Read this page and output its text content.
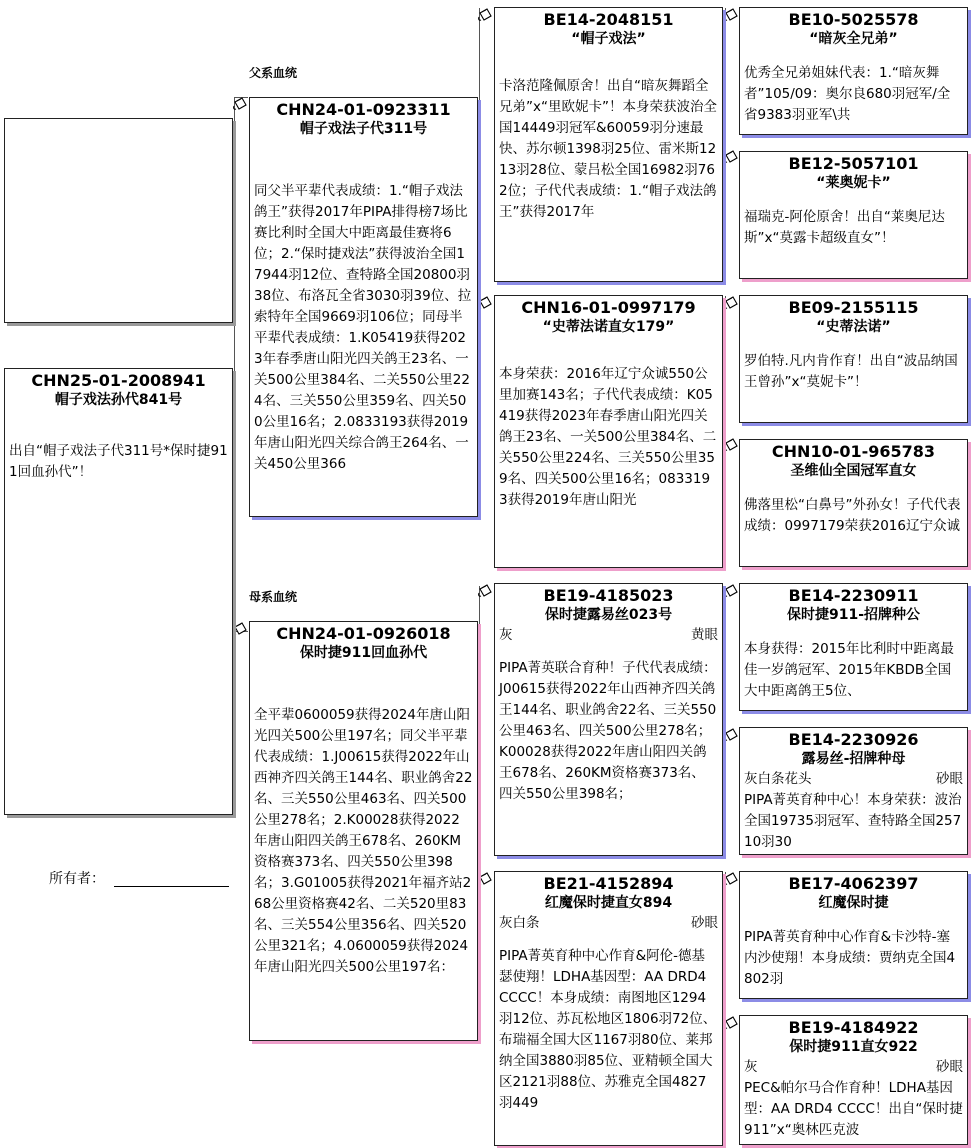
CHN25-01-2008941
帽子戏法孙代841号
出自“帽子戏法子代311号*保时捷911回血孙代”！
所有者：
父系血统
母系血统
CHN24-01-0923311
帽子戏法子代311号
同父半平辈代表成绩：1.“帽子戏法鸽王”获得2017年PIPA排得榜7场比赛比利时全国大中距离最佳赛将6位；2.“保时捷戏法”获得波治全国17944羽12位、查特路全国20800羽38位、布洛瓦全省3030羽39位、拉索特年全国9669羽106位；同母半平辈代表成绩：1.K05419获得2023年春季唐山阳光四关鸽王23名、一关500公里384名、二关550公里224名、三关550公里359名、四关500公里16名；2.0833193获得2019年唐山阳光四关综合鸽王264名、一关450公里366
CHN24-01-0926018
保时捷911回血孙代
全平辈0600059获得2024年唐山阳光四关500公里197名；同父半平辈代表成绩：1.J00615获得2022年山西神齐四关鸽王144名、职业鸽舍22名、三关550公里463名、四关500公里278名；2.K00028获得2022年唐山阳四关鸽王678名、260KM资格赛373名、四关550公里398名；3.G01005获得2021年福齐站268公里资格赛42名、二关520里83名、三关554公里356名、四关520公里321名；4.0600059获得2024年唐山阳光四关500公里197名：
BE14-2048151
“帽子戏法”
卡洛范隆佩原舍！出自“暗灰舞蹈全兄弟”x“里欧妮卡”！本身荣获波治全国14449羽冠军&60059羽分速最快、苏尔顿1398羽25位、雷米斯1213羽28位、蒙吕松全国16982羽762位；子代代表成绩：1.“帽子戏法鸽王”获得2017年
CHN16-01-0997179
“史蒂法诺直女179”
本身荣获：2016年辽宁众诚550公里加赛143名；子代代表成绩：K05419获得2023年春季唐山阳光四关鸽王23名、一关500公里384名、二关550公里224名、三关550公里359名、四关500公里16名；0833193获得2019年唐山阳光
BE19-4185023
保时捷露易丝023号
灰	黄眼
PIPA菁英联合育种！子代代表成绩：J00615获得2022年山西神齐四关鸽王144名、职业鸽舍22名、三关550公里463名、四关500公里278名；K00028获得2022年唐山阳四关鸽王678名、260KM资格赛373名、四关550公里398名；
BE21-4152894
红魔保时捷直女894
灰白条	砂眼
PIPA菁英育种中心作育&阿伦-德基瑟使翔！LDHA基因型：AA DRD4 CCCC！本身成绩：南图地区1294羽12位、苏瓦松地区1806羽72位、布瑞福全国大区1167羽80位、莱邦纳全国3880羽85位、亚精顿全国大区2121羽88位、苏雅克全国4827羽449
BE10-5025578
“暗灰全兄弟”
优秀全兄弟姐妹代表：1.“暗灰舞者”105/09：奥尔良680羽冠军/全省9383羽亚军\共
BE12-5057101
“莱奥妮卡”
福瑞克-阿伦原舍！出自“莱奥尼达斯”x“莫露卡超级直女”！
BE09-2155115
“史蒂法诺”
罗伯特.凡内肯作育！出自“波品纳国王曾孙”x“莫妮卡”！
CHN10-01-965783
圣维仙全国冠军直女
佛落里松“白鼻号”外孙女！子代代表成绩：0997179荣获2016辽宁众诚
BE14-2230911
保时捷911-招牌种公
本身获得：2015年比利时中距离最佳一岁鸽冠军、2015年KBDB全国大中距离鸽王5位、
BE14-2230926
露易丝-招牌种母
灰白条花头	砂眼
PIPA菁英育种中心！本身荣获：波治全国19735羽冠军、查特路全国25710羽30
BE17-4062397
红魔保时捷
PIPA菁英育种中心作育&卡沙特-塞内沙使翔！本身成绩：贾纳克全国4802羽
BE19-4184922
保时捷911直女922
灰	砂眼
PEC&帕尔马合作育种！LDHA基因型：AA DRD4 CCCC！出自“保时捷911”x“奥林匹克波
